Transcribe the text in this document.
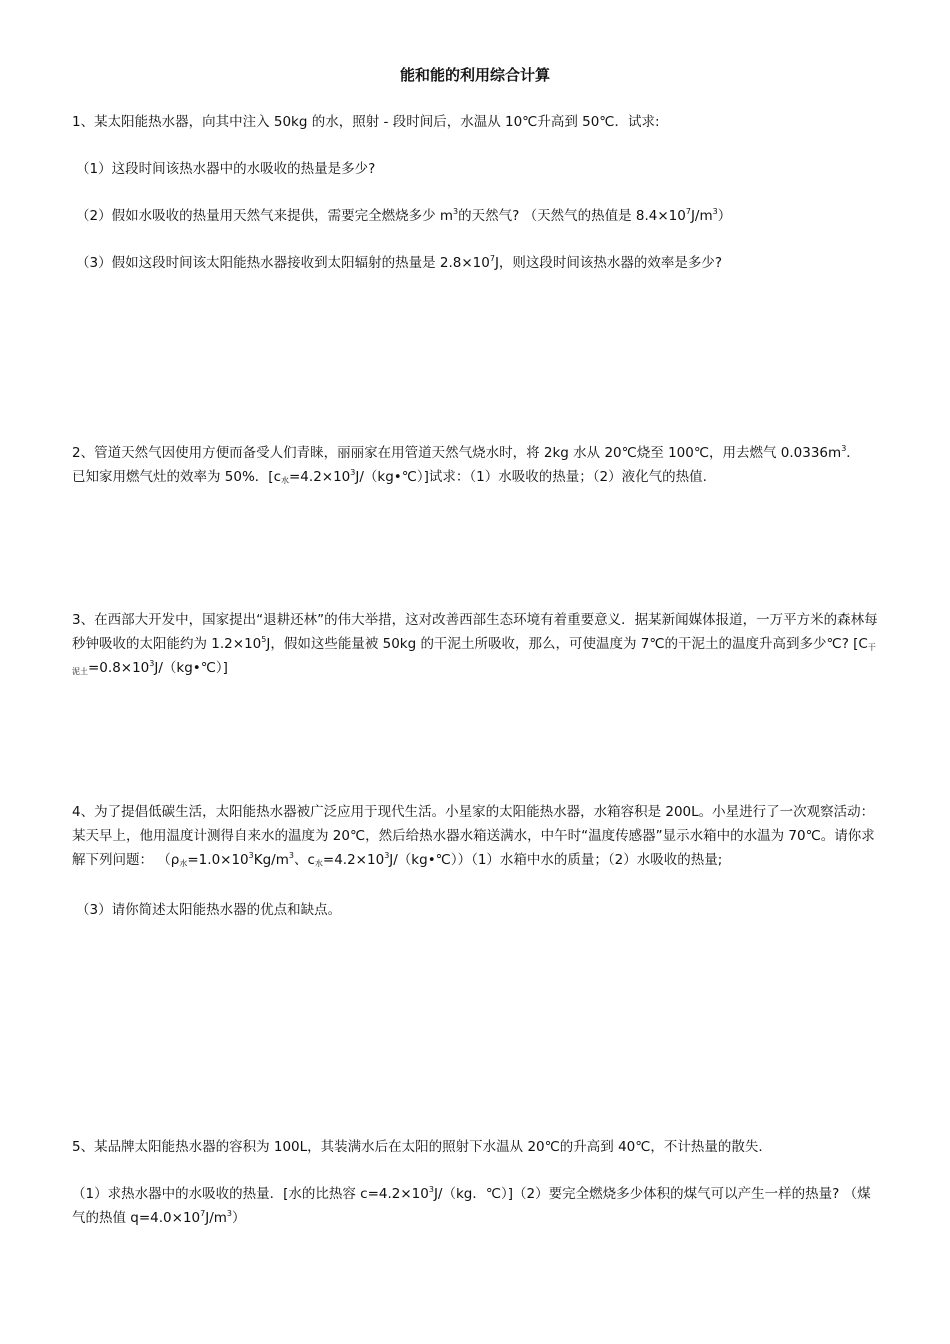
能和能的利用综合计算
1、某太阳能热水器，向其中注入 50kg 的水，照射 - 段时间后，水温从 10℃升高到 50℃．试求:
（1）这段时间该热水器中的水吸收的热量是多少?
（2）假如水吸收的热量用天然气来提供，需要完全燃烧多少 $m^3$的天然气? （天然气的热值是 $8.4\times 10^7J/m^3$）
（3）假如这段时间该太阳能热水器接收到太阳辐射的热量是 $2.8\times 10^7J$，则这段时间该热水器的效率是多少?
2、管道天然气因使用方便而备受人们青睐，丽丽家在用管道天然气烧水时，将 2kg 水从 20℃烧至 100℃，用去燃气 $0.0336m^3$．已知家用燃气灶的效率为 50%．$[c_水=4.2\times 10^3J/(kg•℃)]$试求：（1）水吸收的热量；（2）液化气的热值.
3、在西部大开发中，国家提出“退耕还林”的伟大举措，这对改善西部生态环境有着重要意义．据某新闻媒体报道，一万平方米的森林每秒钟吸收的太阳能约为 $1.2\times 10^5J$，假如这些能量被 50kg 的干泥土所吸收，那么，可使温度为 7℃的干泥土的温度升高到多少℃? $[C_{干泥土}=0.8\times 10^3J/(kg•℃)]$
4、为了提倡低碳生活，太阳能热水器被广泛应用于现代生活。小星家的太阳能热水器，水箱容积是 200L。小星进行了一次观察活动：某天早上，他用温度计测得自来水的温度为 20℃，然后给热水器水箱送满水，中午时“温度传感器”显示水箱中的水温为 70℃。请你求解下列问题： （$\rho_水=1.0\times 10^3Kg/m^3$、$c_水=4.2\times 10^3J/(kg•℃))(1)$水箱中水的质量；（2）水吸收的热量;
（3）请你简述太阳能热水器的优点和缺点。
5、某品牌太阳能热水器的容积为 100L，其装满水后在太阳的照射下水温从 20℃的升高到 40℃，不计热量的散失.
（1）求热水器中的水吸收的热量．[水的比热容 $c=4.2\times 10^3J/(kg$．℃）]（2）要完全燃烧多少体积的煤气可以产生一样的热量? （煤气的热值 $q=4.0\times 10^7J/m^3$）
